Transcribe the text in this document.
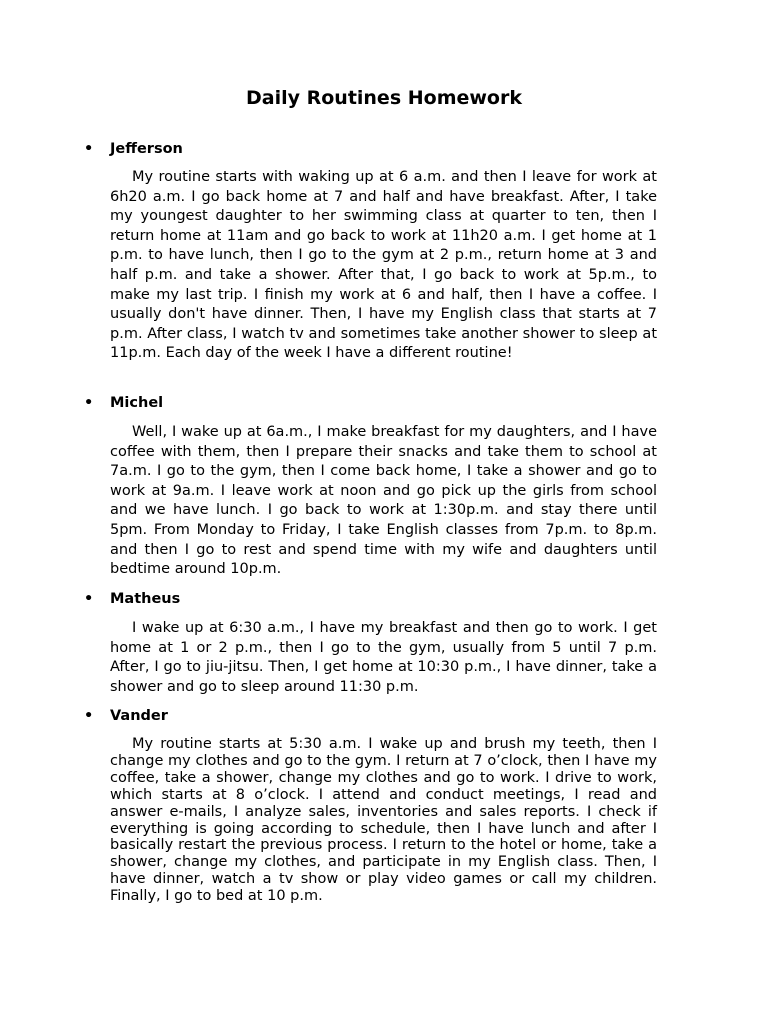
Daily Routines Homework
• Jefferson

My routine starts with waking up at 6 a.m. and then I leave for work at 6h20 a.m. I go back home at 7 and half and have breakfast. After, I take my youngest daughter to her swimming class at quarter to ten, then I return home at 11am and go back to work at 11h20 a.m. I get home at 1 p.m. to have lunch, then I go to the gym at 2 p.m., return home at 3 and half p.m. and take a shower. After that, I go back to work at 5p.m., to make my last trip. I finish my work at 6 and half, then I have a coffee. I usually don't have dinner. Then, I have my English class that starts at 7 p.m. After class, I watch tv and sometimes take another shower to sleep at 11p.m. Each day of the week I have a different routine!

• Michel

Well, I wake up at 6a.m., I make breakfast for my daughters, and I have coffee with them, then I prepare their snacks and take them to school at 7a.m. I go to the gym, then I come back home, I take a shower and go to work at 9a.m. I leave work at noon and go pick up the girls from school and we have lunch. I go back to work at 1:30p.m. and stay there until 5pm. From Monday to Friday, I take English classes from 7p.m. to 8p.m. and then I go to rest and spend time with my wife and daughters until bedtime around 10p.m.

• Matheus

I wake up at 6:30 a.m., I have my breakfast and then go to work. I get home at 1 or 2 p.m., then I go to the gym, usually from 5 until 7 p.m. After, I go to jiu-jitsu. Then, I get home at 10:30 p.m., I have dinner, take a shower and go to sleep around 11:30 p.m.

• Vander

My routine starts at 5:30 a.m. I wake up and brush my teeth, then I change my clothes and go to the gym. I return at 7 o’clock, then I have my coffee, take a shower, change my clothes and go to work. I drive to work, which starts at 8 o’clock. I attend and conduct meetings, I read and answer e-mails, I analyze sales, inventories and sales reports. I check if everything is going according to schedule, then I have lunch and after I basically restart the previous process. I return to the hotel or home, take a shower, change my clothes, and participate in my English class. Then, I have dinner, watch a tv show or play video games or call my children. Finally, I go to bed at 10 p.m.
